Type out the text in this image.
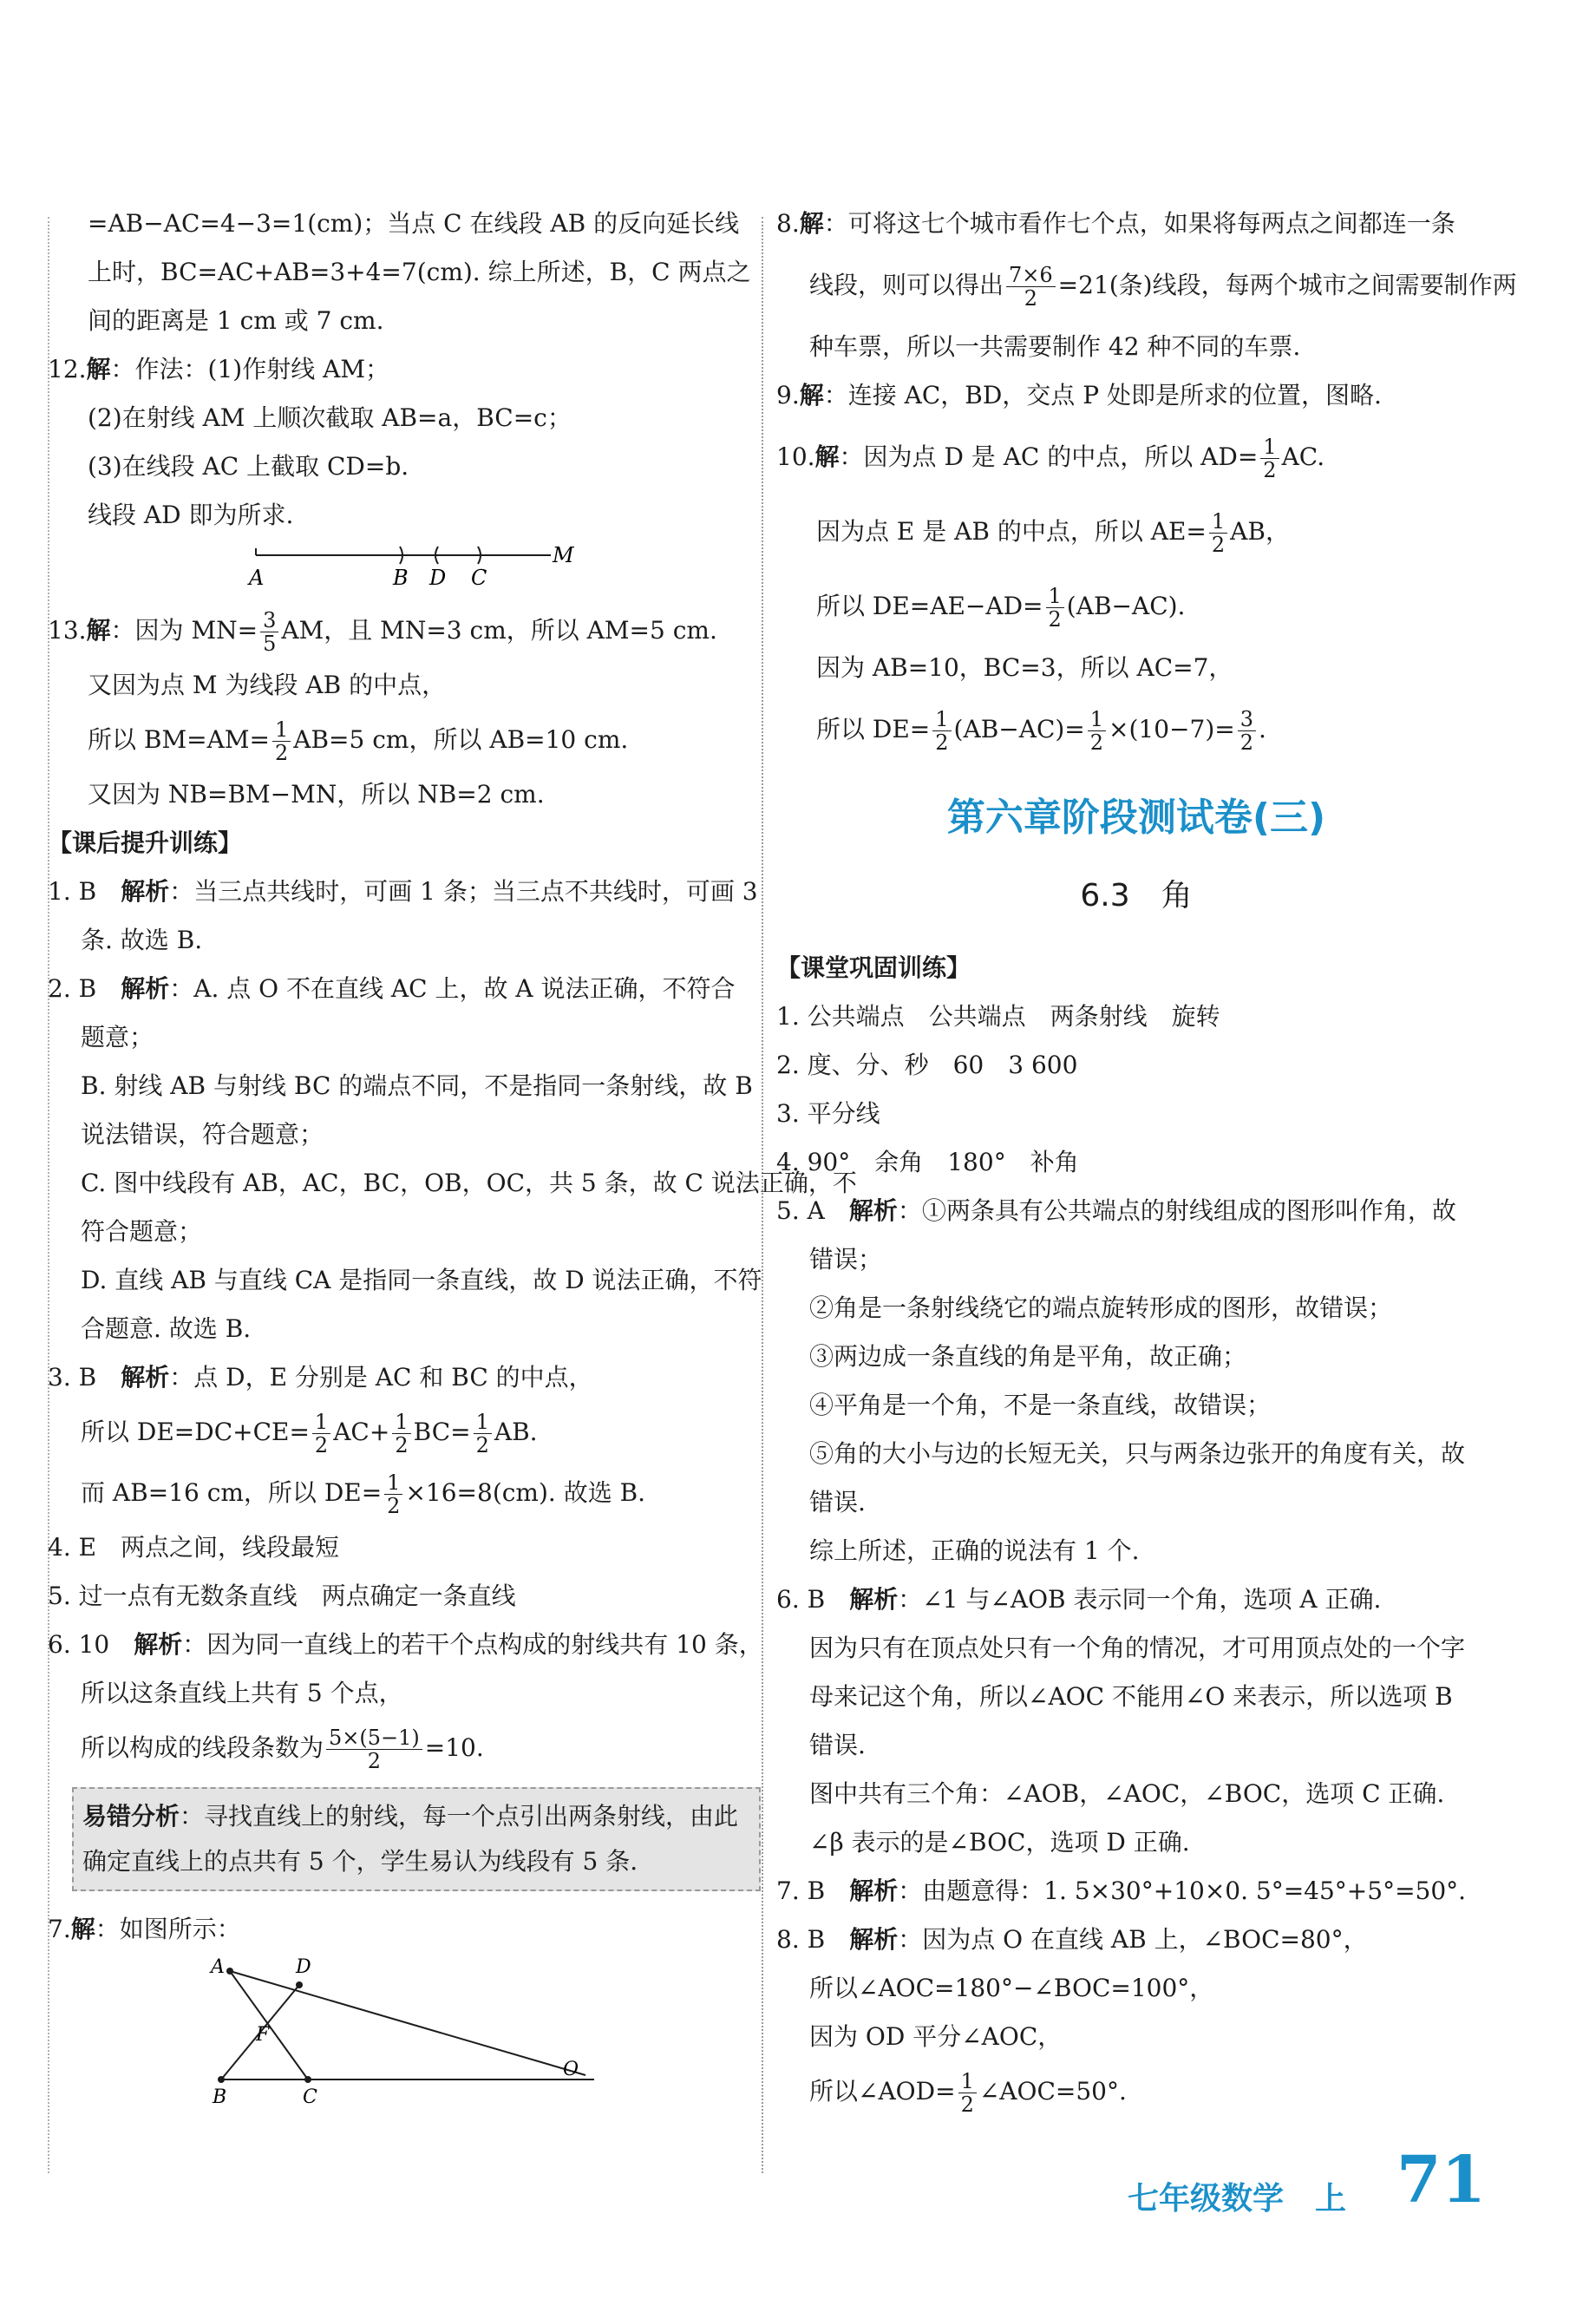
=AB−AC=4−3=1(cm)；当点 C 在线段 AB 的反向延长线
上时，BC=AC+AB=3+4=7(cm). 综上所述，B，C 两点之
间的距离是 1 cm 或 7 cm.
12.解：作法：(1)作射线 AM；
(2)在射线 AM 上顺次截取 AB=a，BC=c；
(3)在线段 AC 上截取 CD=b.
线段 AD 即为所求.
A	B D C
M
13.解：因为 $MN= \frac{3}{5}$ AM，且 MN=3 cm，所以 AM=5 cm.
又因为点 M 为线段 AB 的中点，
所以 $BM=AM= \frac{1}{2} AB=5$ cm，所以 AB=10 cm.
又因为 NB=BM−MN，所以 NB=2 cm.
【课后提升训练】
1. B　解析：当三点共线时，可画 1 条；当三点不共线时，可画 3
条. 故选 B.
2. B　解析：A. 点 O 不在直线 AC 上，故 A 说法正确，不符合
题意；
B. 射线 AB 与射线 BC 的端点不同，不是指同一条射线，故 B
说法错误，符合题意；
C. 图中线段有 AB，AC，BC，OB，OC，共 5 条，故 C 说法正确，不
符合题意；
D. 直线 AB 与直线 CA 是指同一条直线，故 D 说法正确，不符
合题意. 故选 B.
3. B　解析：点 D，E 分别是 AC 和 BC 的中点，
所以 $DE=DC+CE= \frac{1}{2} AC+ \frac{1}{2} BC= \frac{1}{2}$ AB.
而 AB=16 cm，所以 $DE= \frac{1}{2} \times 16=8(cm)$. 故选 B.
4. E　两点之间，线段最短
5. 过一点有无数条直线　两点确定一条直线
6. 10　解析：因为同一直线上的若干个点构成的射线共有 10 条，
所以这条直线上共有 5 个点，
所以构成的线段条数为 $\frac{5\times(5-1)}{2} =10$.
易错分析：寻找直线上的射线，每一个点引出两条射线，由此
确定直线上的点共有 5 个，学生易认为线段有 5 条.
7.解：如图所示：
A	D
F
B	C
O
8.解：可将这七个城市看作七个点，如果将每两点之间都连一条
线段，则可以得出 $\frac{7\times 6}{2} =21$(条)线段，每两个城市之间需要制作两
种车票，所以一共需要制作 42 种不同的车票.
9.解：连接 AC，BD，交点 P 处即是所求的位置，图略.
10.解：因为点 D 是 AC 的中点，所以 $AD= \frac{1}{2}$ AC.
因为点 E 是 AB 的中点，所以 $AE= \frac{1}{2}$ AB，
所以 $DE=AE-AD= \frac{1}{2} (AB-AC)$.
因为 AB=10，BC=3，所以 AC=7，
所以 $DE= \frac{1}{2} (AB-AC)= \frac{1}{2} \times(10-7)= \frac{3}{2}$ .
第六章阶段测试卷(三)
6.3　角
【课堂巩固训练】
1. 公共端点　公共端点　两条射线　旋转
2. 度、分、秒　60　3 600
3. 平分线
4. 90°　余角　180°　补角
5. A　解析：①两条具有公共端点的射线组成的图形叫作角，故
错误；
②角是一条射线绕它的端点旋转形成的图形，故错误；
③两边成一条直线的角是平角，故正确；
④平角是一个角，不是一条直线，故错误；
⑤角的大小与边的长短无关，只与两条边张开的角度有关，故
错误.
综上所述，正确的说法有 1 个.
6. B　解析：∠1 与∠AOB 表示同一个角，选项 A 正确.
因为只有在顶点处只有一个角的情况，才可用顶点处的一个字
母来记这个角，所以∠AOC 不能用∠O 来表示，所以选项 B
错误.
图中共有三个角：∠AOB，∠AOC，∠BOC，选项 C 正确.
∠β 表示的是∠BOC，选项 D 正确.
7. B　解析：由题意得：1. 5×30°+10×0. 5°=45°+5°=50°.
8. B　解析：因为点 O 在直线 AB 上，∠BOC=80°，
所以∠AOC=180°−∠BOC=100°，
因为 OD 平分∠AOC，
所以∠AOD= $\frac{1}{2}$ ∠AOC=50°.
七年级数学　上 71
